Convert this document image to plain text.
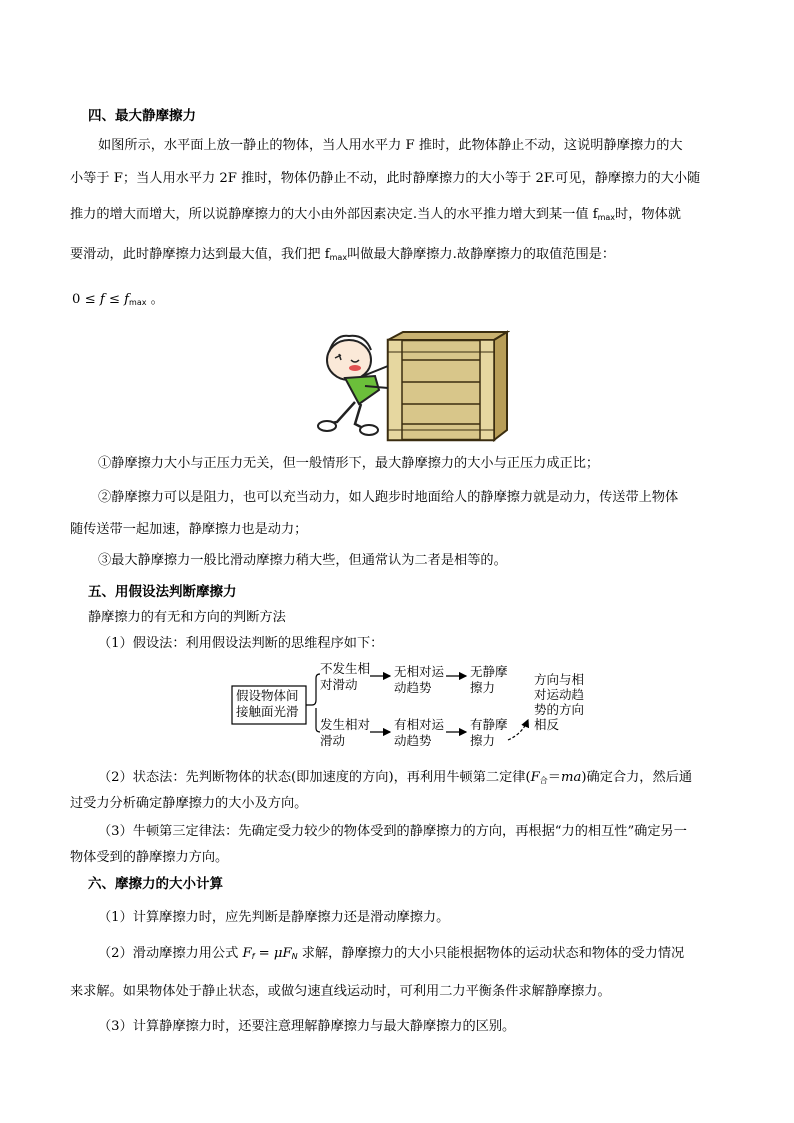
四、最大静摩擦力
如图所示，水平面上放一静止的物体，当人用水平力 F 推时，此物体静止不动，这说明静摩擦力的大
小等于 F；当人用水平力 2F 推时，物体仍静止不动，此时静摩擦力的大小等于 2F.可见，静摩擦力的大小随
推力的增大而增大，所以说静摩擦力的大小由外部因素决定.当人的水平推力增大到某一值 $f_{max}$时，物体就
要滑动，此时静摩擦力达到最大值，我们把 $f_{max}$叫做最大静摩擦力.故静摩擦力的取值范围是：
$0 \le f \le f_{max}$ 。
①静摩擦力大小与正压力无关，但一般情形下，最大静摩擦力的大小与正压力成正比；
②静摩擦力可以是阻力，也可以充当动力，如人跑步时地面给人的静摩擦力就是动力，传送带上物体
随传送带一起加速，静摩擦力也是动力；
③最大静摩擦力一般比滑动摩擦力稍大些，但通常认为二者是相等的。
五、用假设法判断摩擦力
静摩擦力的有无和方向的判断方法
（1）假设法：利用假设法判断的思维程序如下：
假设物体间
接触面光滑
不发生相
对滑动
无相对运
动趋势
无静摩
擦力
发生相对
滑动
有相对运
动趋势
有静摩
擦力
方向与相
对运动趋
势的方向
相反
（2）状态法：先判断物体的状态(即加速度的方向)，再利用牛顿第二定律$(F_合=ma)$确定合力，然后通
过受力分析确定静摩擦力的大小及方向。
（3）牛顿第三定律法：先确定受力较少的物体受到的静摩擦力的方向，再根据“力的相互性”确定另一
物体受到的静摩擦力方向。
六、摩擦力的大小计算
（1）计算摩擦力时，应先判断是静摩擦力还是滑动摩擦力。
（2）滑动摩擦力用公式 $F_f = \mu F_N$ 求解，静摩擦力的大小只能根据物体的运动状态和物体的受力情况
来求解。如果物体处于静止状态，或做匀速直线运动时，可利用二力平衡条件求解静摩擦力。
（3）计算静摩擦力时，还要注意理解静摩擦力与最大静摩擦力的区别。
